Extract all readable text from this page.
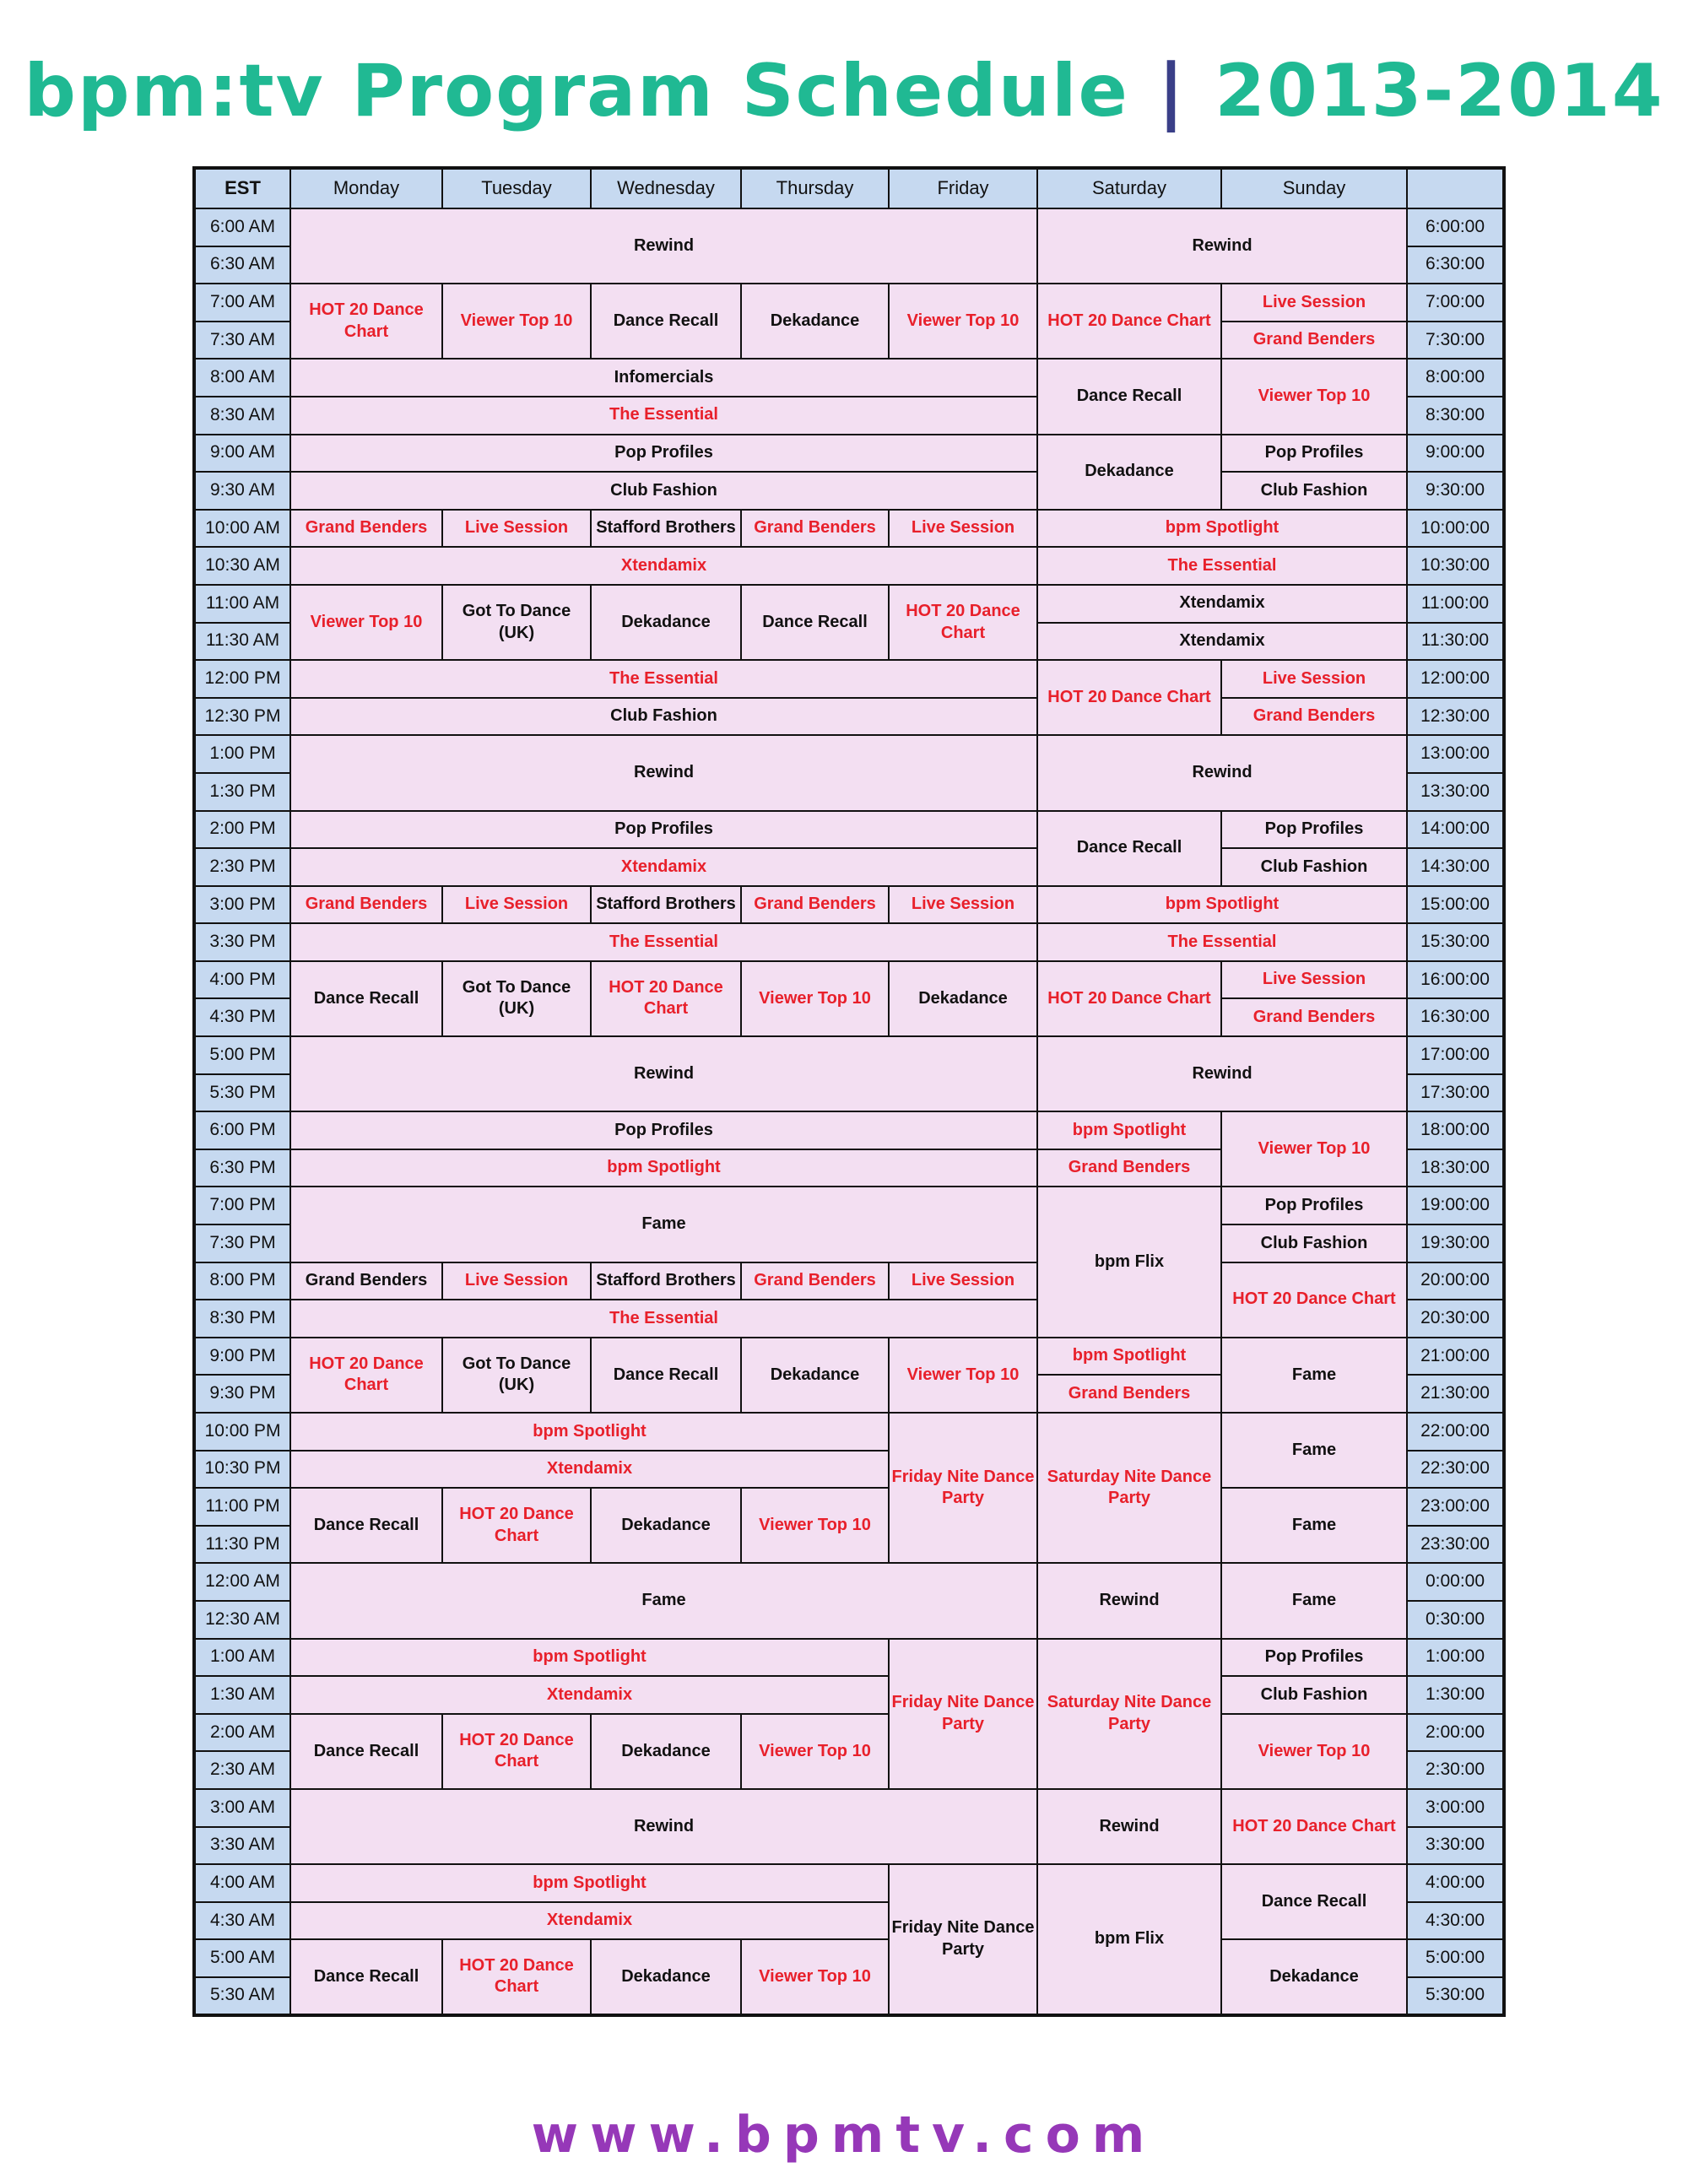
bpm:tv Program Schedule | 2013-2014
EST	Monday	Tuesday	Wednesday	Thursday	Friday	Saturday	Sunday	
6:00 AM	Rewind					Rewind		6:00:00
6:30 AM								6:30:00
7:00 AM	HOT 20 Dance Chart	Viewer Top 10	Dance Recall	Dekadance	Viewer Top 10	HOT 20 Dance Chart	Live Session	7:00:00
7:30 AM							Grand Benders	7:30:00
8:00 AM	Infomercials					Dance Recall	Viewer Top 10	8:00:00
8:30 AM	The Essential							8:30:00
9:00 AM	Pop Profiles					Dekadance	Pop Profiles	9:00:00
9:30 AM	Club Fashion						Club Fashion	9:30:00
10:00 AM	Grand Benders	Live Session	Stafford Brothers	Grand Benders	Live Session	bpm Spotlight		10:00:00
10:30 AM	Xtendamix					The Essential		10:30:00
11:00 AM	Viewer Top 10	Got To Dance (UK)	Dekadance	Dance Recall	HOT 20 Dance Chart	Xtendamix		11:00:00
11:30 AM						Xtendamix		11:30:00
12:00 PM	The Essential					HOT 20 Dance Chart	Live Session	12:00:00
12:30 PM	Club Fashion						Grand Benders	12:30:00
1:00 PM	Rewind					Rewind		13:00:00
1:30 PM								13:30:00
2:00 PM	Pop Profiles					Dance Recall	Pop Profiles	14:00:00
2:30 PM	Xtendamix						Club Fashion	14:30:00
3:00 PM	Grand Benders	Live Session	Stafford Brothers	Grand Benders	Live Session	bpm Spotlight		15:00:00
3:30 PM	The Essential					The Essential		15:30:00
4:00 PM	Dance Recall	Got To Dance (UK)	HOT 20 Dance Chart	Viewer Top 10	Dekadance	HOT 20 Dance Chart	Live Session	16:00:00
4:30 PM							Grand Benders	16:30:00
5:00 PM	Rewind					Rewind		17:00:00
5:30 PM								17:30:00
6:00 PM	Pop Profiles					bpm Spotlight	Viewer Top 10	18:00:00
6:30 PM	bpm Spotlight					Grand Benders		18:30:00
7:00 PM	Fame					bpm Flix	Pop Profiles	19:00:00
7:30 PM							Club Fashion	19:30:00
8:00 PM	Grand Benders	Live Session	Stafford Brothers	Grand Benders	Live Session		HOT 20 Dance Chart	20:00:00
8:30 PM	The Essential							20:30:00
9:00 PM	HOT 20 Dance Chart	Got To Dance (UK)	Dance Recall	Dekadance	Viewer Top 10	bpm Spotlight	Fame	21:00:00
9:30 PM						Grand Benders		21:30:00
10:00 PM	bpm Spotlight				Friday Nite Dance Party	Saturday Nite Dance Party	Fame	22:00:00
10:30 PM	Xtendamix							22:30:00
11:00 PM	Dance Recall	HOT 20 Dance Chart	Dekadance	Viewer Top 10			Fame	23:00:00
11:30 PM								23:30:00
12:00 AM	Fame					Rewind	Fame	0:00:00
12:30 AM								0:30:00
1:00 AM	bpm Spotlight				Friday Nite Dance Party	Saturday Nite Dance Party	Pop Profiles	1:00:00
1:30 AM	Xtendamix						Club Fashion	1:30:00
2:00 AM	Dance Recall	HOT 20 Dance Chart	Dekadance	Viewer Top 10			Viewer Top 10	2:00:00
2:30 AM								2:30:00
3:00 AM	Rewind					Rewind	HOT 20 Dance Chart	3:00:00
3:30 AM								3:30:00
4:00 AM	bpm Spotlight				Friday Nite Dance Party	bpm Flix	Dance Recall	4:00:00
4:30 AM	Xtendamix							4:30:00
5:00 AM	Dance Recall	HOT 20 Dance Chart	Dekadance	Viewer Top 10			Dekadance	5:00:00
5:30 AM								5:30:00
www.bpmtv.com
